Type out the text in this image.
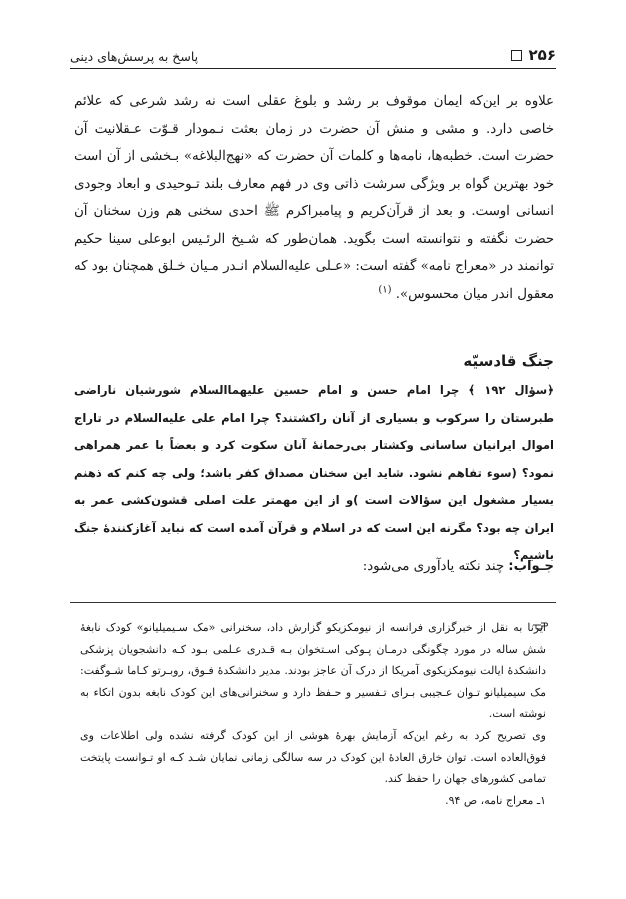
۲۵۶
پاسخ به پرسش‌های دینی

علاوه بر این‌که ایمان موقوف بر رشد و بلوغ عقلی است نه رشد شرعی که علائم خاصی دارد. و مشی و منش آن حضرت در زمان بعثت نـمودار قـوّت عـقلانیت آن حضرت است. خطبه‌ها، نامه‌ها و کلمات آن حضرت که «نهج‌البلاغه» بـخشی از آن است خود بهترین گواه بر ویژگی سرشت ذاتی وی در فهم معارف بلند تـوحیدی و ابعاد وجودی انسانی اوست. و بعد از قرآن‌کریم و پیامبراکرم ﷺ احدی سخنی هم وزن سخنان آن حضرت نگفته و نتوانسته است بگوید. همان‌طور که شـیخ الرئـیس ابوعلی سینا حکیم توانمند در «معراج نامه» گفته است: «عـلی علیه‌السلام انـدر مـیان خـلق همچنان بود که معقول اندر میان محسوس». $^{(۱)}$

جنگ قادسیّه
﴿سؤال ۱۹۲ ﴾ چرا امام حسن و امام حسین علیهماالسلام شورشیان ناراضی طبرستان را سرکوب و بسیاری از آنان راکشتند؟ چرا امام علی علیه‌السلام در تاراج اموال ایرانیان ساسانی وکشتار بی‌رحمانهٔ آنان سکوت کرد و بعضاً با عمر همراهی نمود؟ (سوء تفاهم نشود. شاید این سخنان مصداق کفر باشد؛ ولی چه کنم که ذهنم بسیار مشغول این سؤالات است )و از این مهمتر علت اصلی قشون‌کشی عمر به ایران چه بود؟ مگرنه این است که در اسلام و قرآن آمده است که نباید آغازکنندهٔ جنگ باشیم؟
جـواب: چند نکته یادآوری می‌شود:

ایرنا به نقل از خبرگزاری فرانسه از نیومکزیکو گزارش داد، سخنرانی «مک سـیمیلیانو» کودک نابغهٔ شش ساله در مورد چگونگی درمـان پـوکی اسـتخوان بـه قـدری عـلمی بـود کـه دانشجویان پزشکی دانشکدهٔ ایالت نیومکزیکوی آمریکا از درک آن عاجز بودند. مدیر دانشکدهٔ فـوق، روبـرتو کـاما شـوگفت: مک سیمیلیانو تـوان عـجیبی بـرای تـفسیر و حـفظ دارد و سخنرانی‌های این کودک نابغه بدون اتکاء به نوشته است.

وی تصریح کرد به رغم این‌که آزمایش بهرهٔ هوشی از این کودک گرفته نشده ولی اطلاعات وی فوق‌العاده است. توان خارق العادهٔ این کودک در سه سالگی زمانی نمایان شـد کـه او تـوانست پایتخت تمامی کشورهای جهان را حفظ کند.

۱ـ معراج نامه، ص ۹۴.
